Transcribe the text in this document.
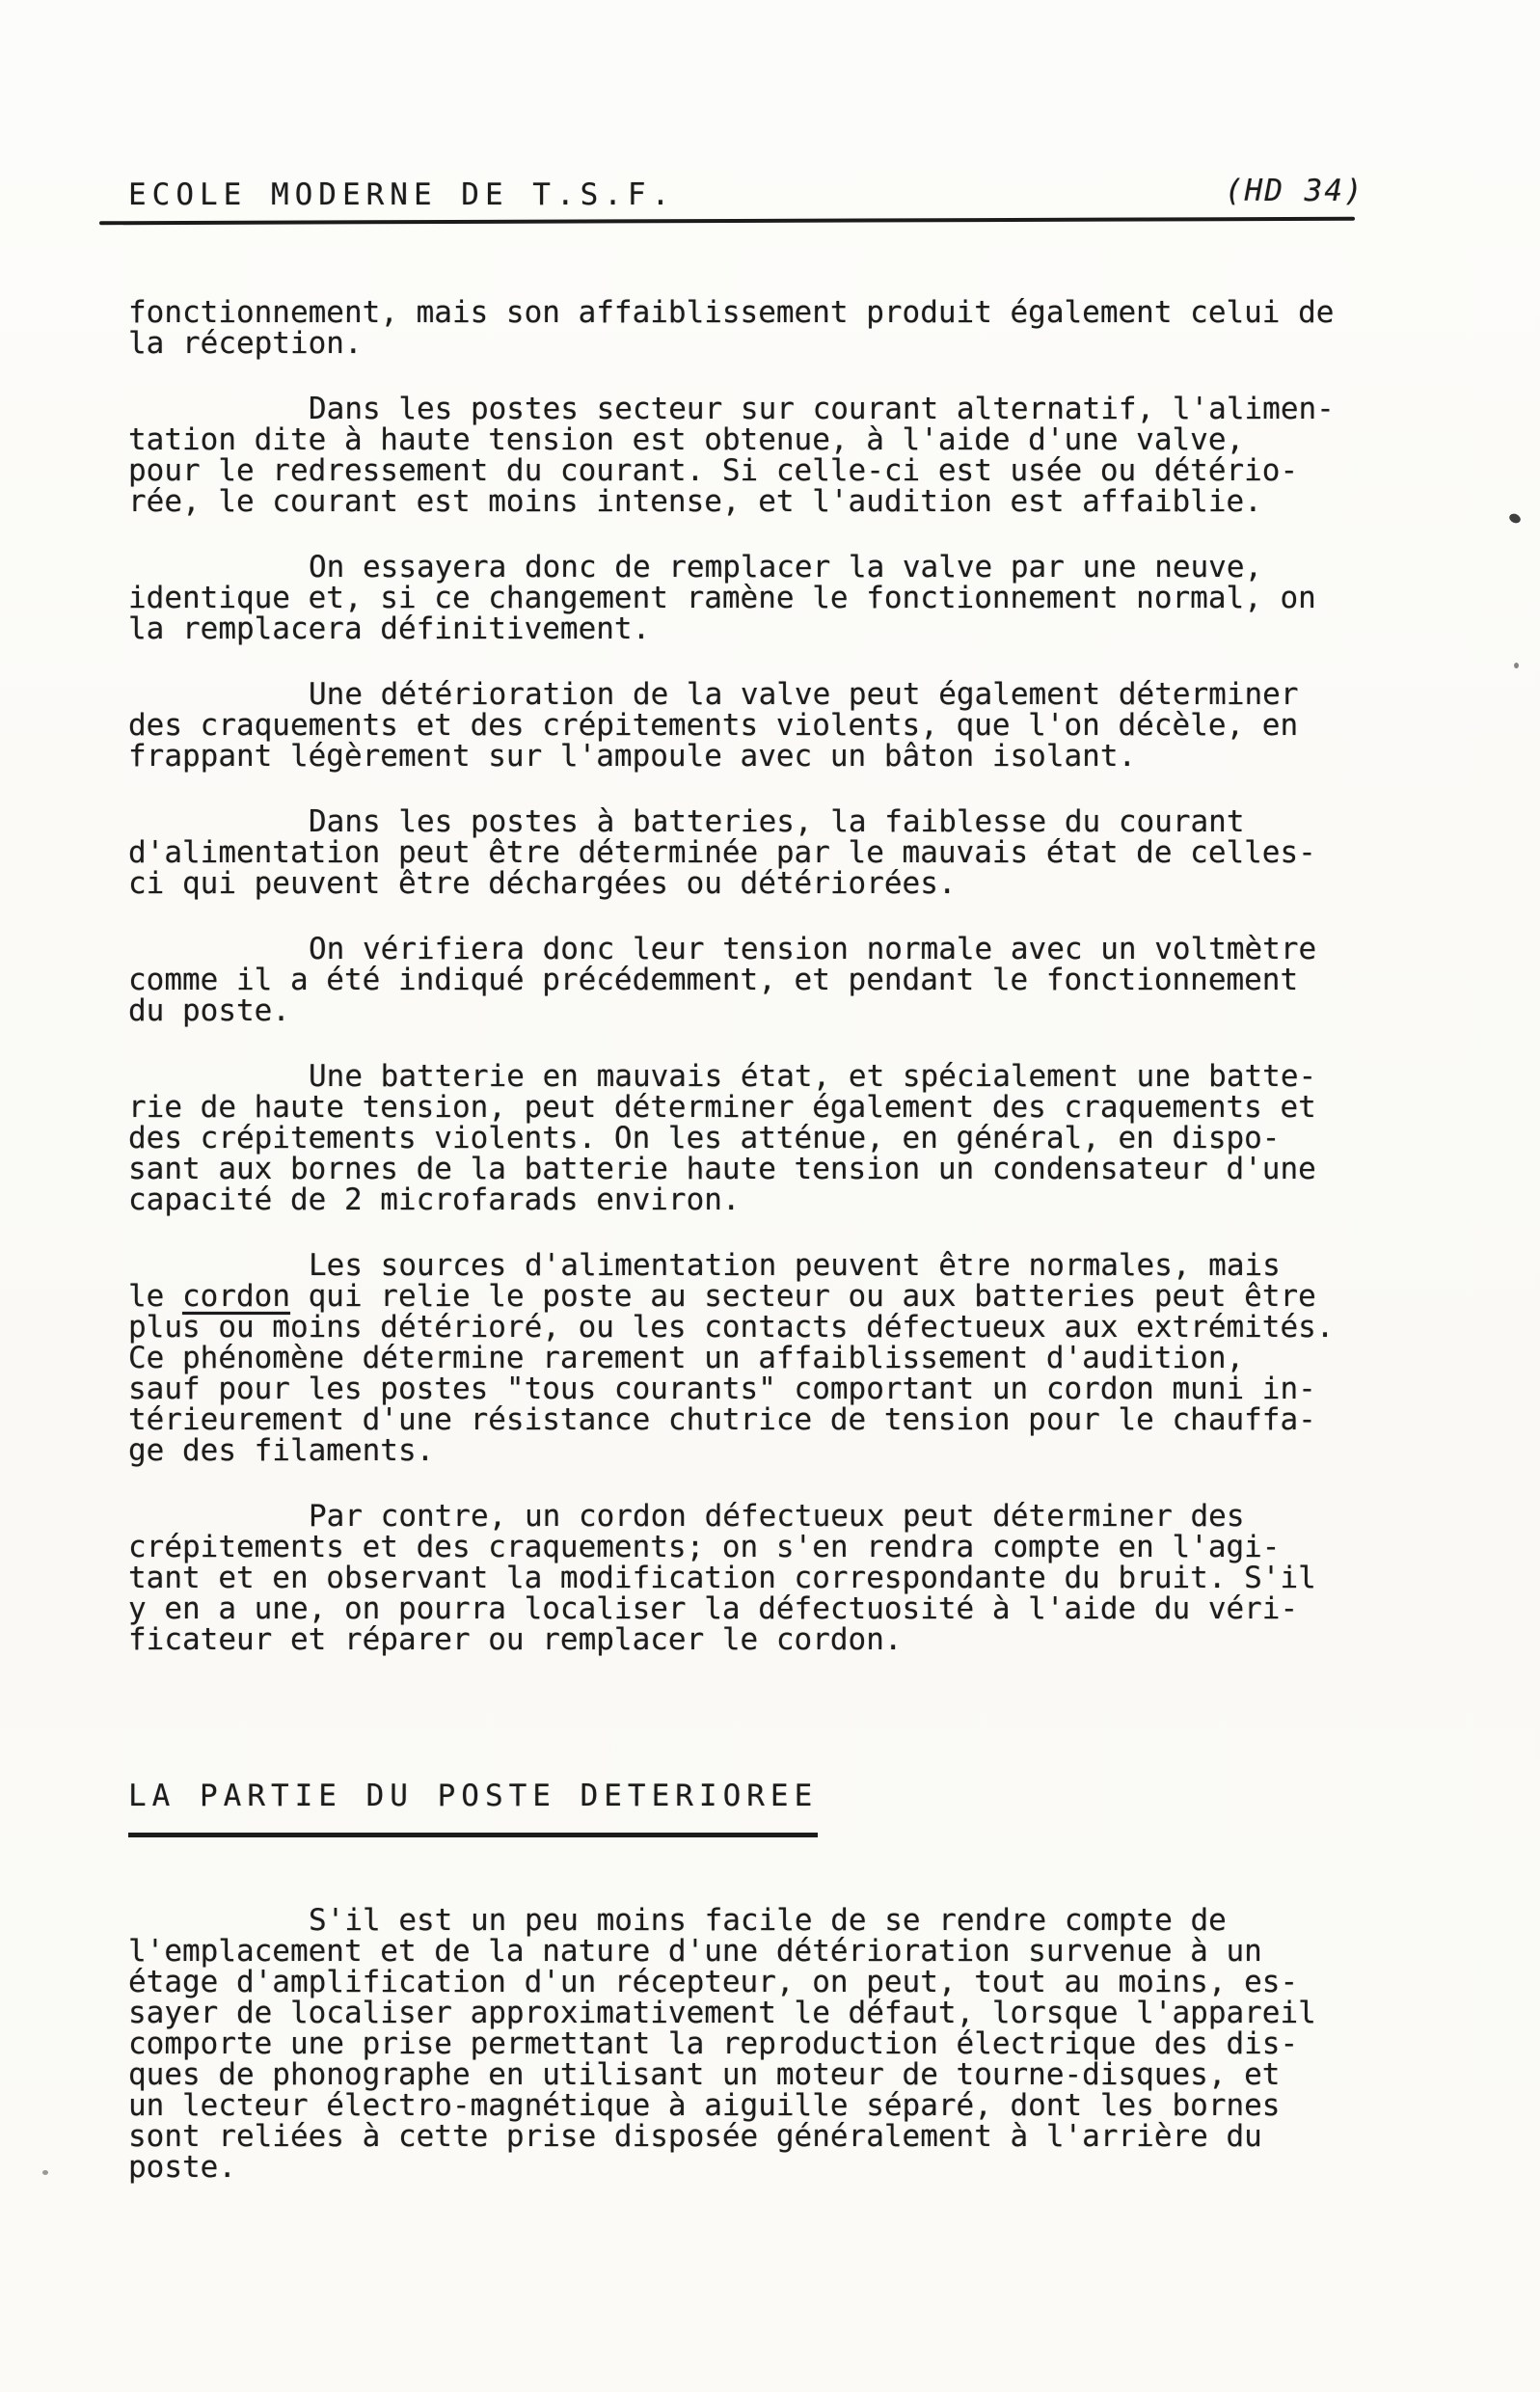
ECOLE MODERNE DE T.S.F.	(HD 34)

fonctionnement, mais son affaiblissement produit également celui de
la réception.

Dans les postes secteur sur courant alternatif, l'alimen-
tation dite à haute tension est obtenue, à l'aide d'une valve,
pour le redressement du courant. Si celle-ci est usée ou détério-
rée, le courant est moins intense, et l'audition est affaiblie.

On essayera donc de remplacer la valve par une neuve,
identique et, si ce changement ramène le fonctionnement normal, on
la remplacera définitivement.

Une détérioration de la valve peut également déterminer
des craquements et des crépitements violents, que l'on décèle, en
frappant légèrement sur l'ampoule avec un bâton isolant.

Dans les postes à batteries, la faiblesse du courant
d'alimentation peut être déterminée par le mauvais état de celles-
ci qui peuvent être déchargées ou détériorées.

On vérifiera donc leur tension normale avec un voltmètre
comme il a été indiqué précédemment, et pendant le fonctionnement
du poste.

Une batterie en mauvais état, et spécialement une batte-
rie de haute tension, peut déterminer également des craquements et
des crépitements violents. On les atténue, en général, en dispo-
sant aux bornes de la batterie haute tension un condensateur d'une
capacité de 2 microfarads environ.

Les sources d'alimentation peuvent être normales, mais
le cordon qui relie le poste au secteur ou aux batteries peut être
plus ou moins détérioré, ou les contacts défectueux aux extrémités.
Ce phénomène détermine rarement un affaiblissement d'audition,
sauf pour les postes "tous courants" comportant un cordon muni in-
térieurement d'une résistance chutrice de tension pour le chauffa-
ge des filaments.

Par contre, un cordon défectueux peut déterminer des
crépitements et des craquements; on s'en rendra compte en l'agi-
tant et en observant la modification correspondante du bruit. S'il
y en a une, on pourra localiser la défectuosité à l'aide du véri-
ficateur et réparer ou remplacer le cordon.

LA PARTIE DU POSTE DETERIOREE

S'il est un peu moins facile de se rendre compte de
l'emplacement et de la nature d'une détérioration survenue à un
étage d'amplification d'un récepteur, on peut, tout au moins, es-
sayer de localiser approximativement le défaut, lorsque l'appareil
comporte une prise permettant la reproduction électrique des dis-
ques de phonographe en utilisant un moteur de tourne-disques, et
un lecteur électro-magnétique à aiguille séparé, dont les bornes
sont reliées à cette prise disposée généralement à l'arrière du
poste.
